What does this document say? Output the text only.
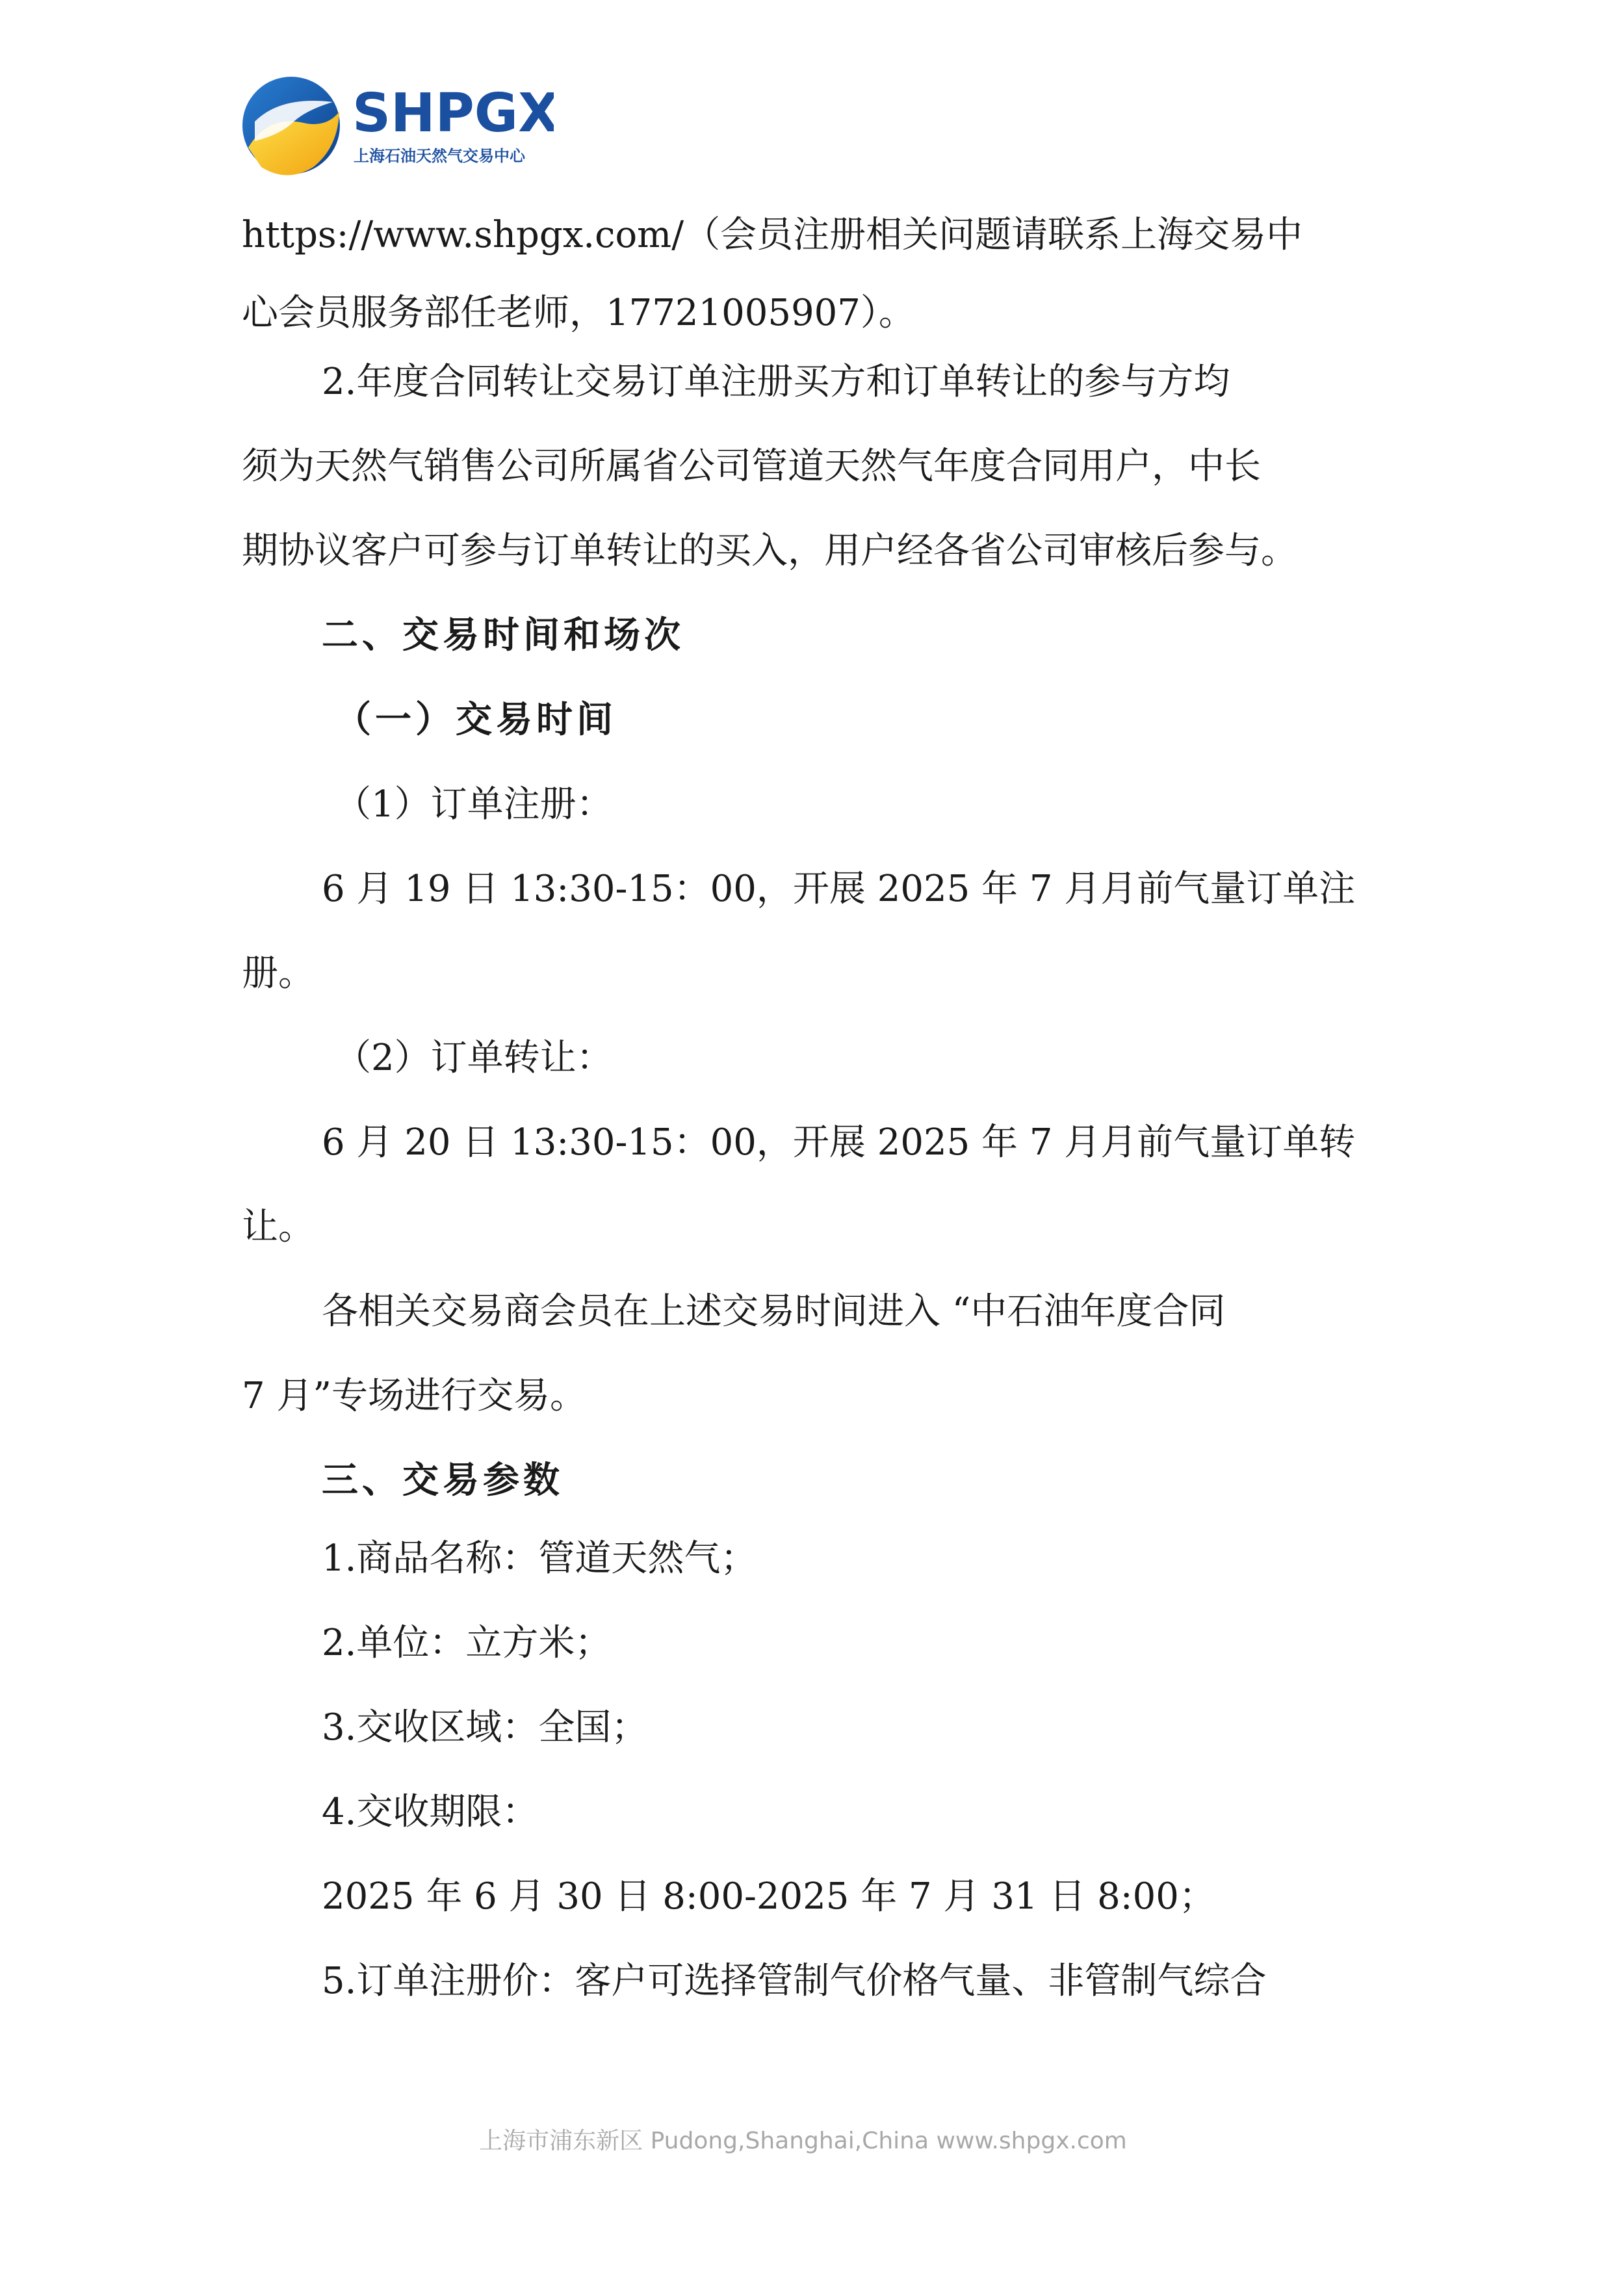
SHPGX
上海石油天然气交易中心

https://www.shpgx.com/（会员注册相关问题请联系上海交易中

心会员服务部任老师，17721005907）。

2.年度合同转让交易订单注册买方和订单转让的参与方均

须为天然气销售公司所属省公司管道天然气年度合同用户，中长

期协议客户可参与订单转让的买入，用户经各省公司审核后参与。

二、交易时间和场次

（一）交易时间

（1）订单注册：

6 月 19 日 13:30-15：00，开展 2025 年 7 月月前气量订单注

册。

（2）订单转让：

6 月 20 日 13:30-15：00，开展 2025 年 7 月月前气量订单转

让。

各相关交易商会员在上述交易时间进入 “中石油年度合同

7 月”专场进行交易。

三、交易参数

1.商品名称：管道天然气；

2.单位：立方米；

3.交收区域：全国；

4.交收期限：

2025 年 6 月 30 日 8:00-2025 年 7 月 31 日 8:00；

5.订单注册价：客户可选择管制气价格气量、非管制气综合

上海市浦东新区 Pudong,Shanghai,China www.shpgx.com
